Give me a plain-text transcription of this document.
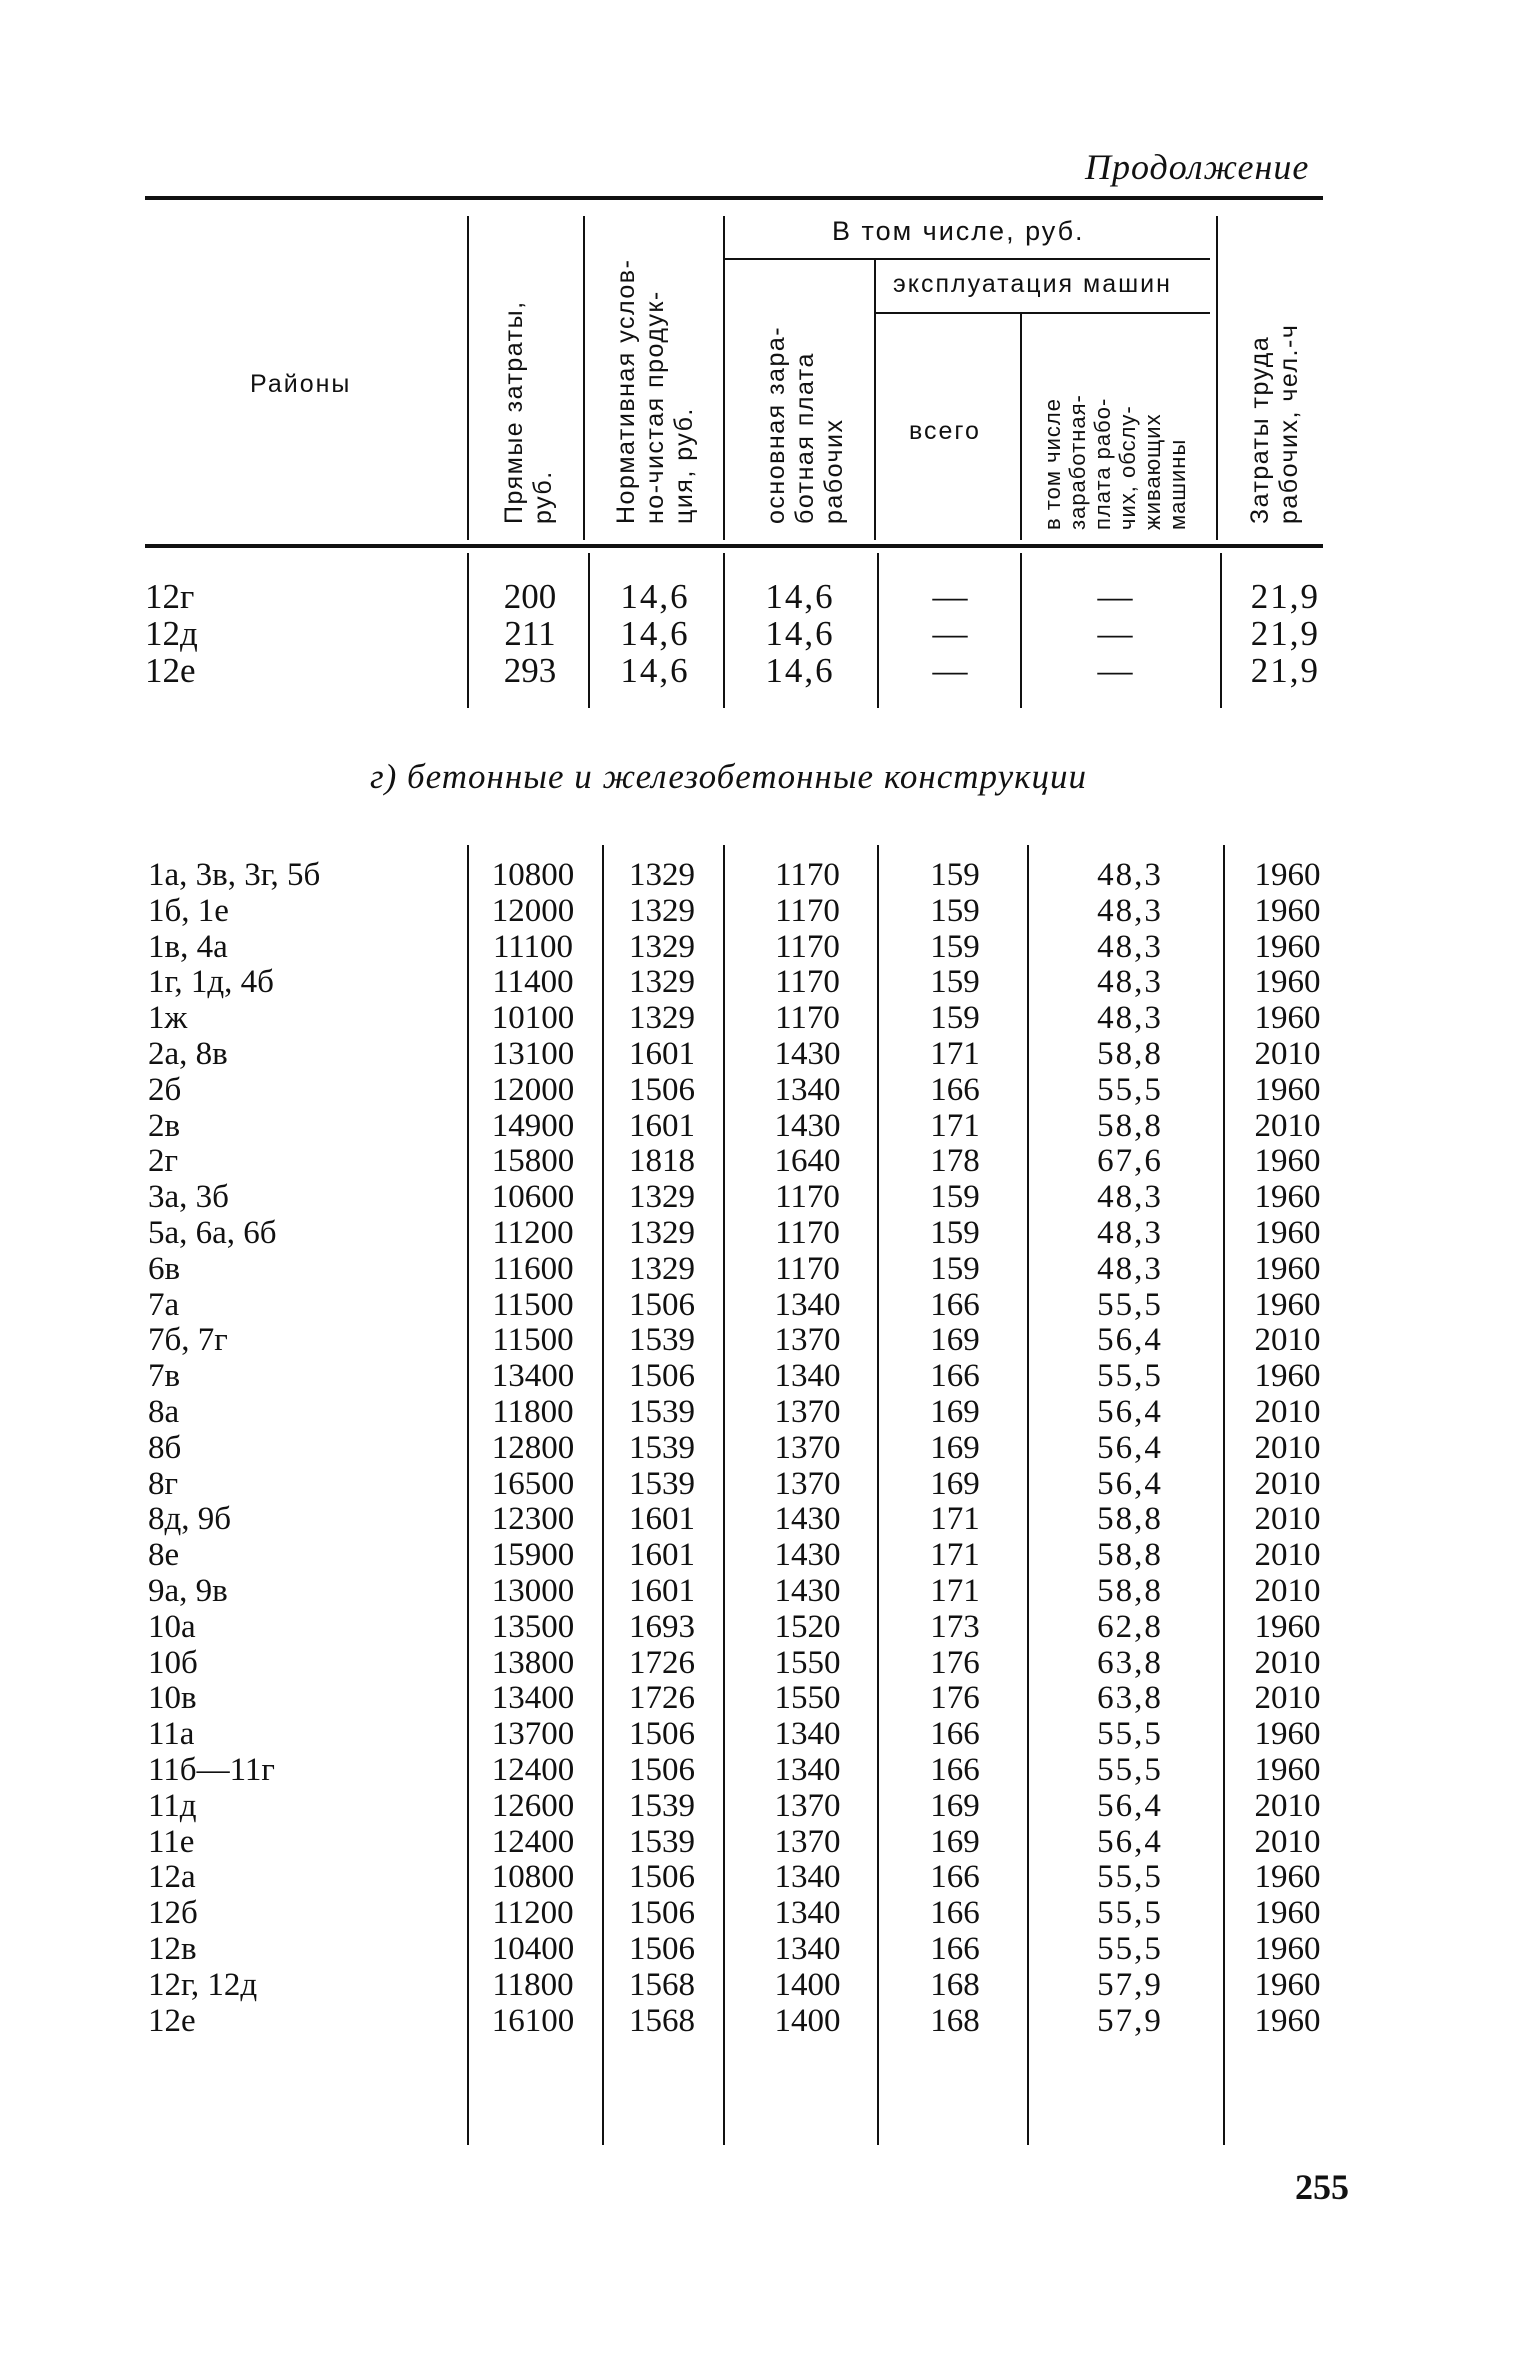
Продолжение
Районы	Прямые затраты, руб. Нормативная услов- но-чистая продук- ция, руб.
В том числе, руб.
эксплуатация машин
основная зара- ботная плата рабочих всего	в том числе заработная- плата рабо- чих, обслу- живающих машины Затраты труда рабочих, чел.-ч
12г
12д
12е
200
211
293
14,6
14,6
14,6
14,6
14,6
14,6
—
—
—
—
—
—
21,9
21,9
21,9
г) бетонные и железобетонные конструкции
1а, 3в, 3г, 5б
1б, 1е
1в, 4а
1г, 1д, 4б
1ж
2а, 8в
2б
2в
2г
3а, 3б
5а, 6а, 6б
6в
7а
7б, 7г
7в
8а
8б
8г
8д, 9б
8е
9а, 9в
10а
10б
10в
11а
11б—11г
11д
11е
12а
12б
12в
12г, 12д
12е
10800
12000
11100
11400
10100
13100
12000
14900
15800
10600
11200
11600
11500
11500
13400
11800
12800
16500
12300
15900
13000
13500
13800
13400
13700
12400
12600
12400
10800
11200
10400
11800
16100
1329
1329
1329
1329
1329
1601
1506
1601
1818
1329
1329
1329
1506
1539
1506
1539
1539
1539
1601
1601
1601
1693
1726
1726
1506
1506
1539
1539
1506
1506
1506
1568
1568
1170
1170
1170
1170
1170
1430
1340
1430
1640
1170
1170
1170
1340
1370
1340
1370
1370
1370
1430
1430
1430
1520
1550
1550
1340
1340
1370
1370
1340
1340
1340
1400
1400
159
159
159
159
159
171
166
171
178
159
159
159
166
169
166
169
169
169
171
171
171
173
176
176
166
166
169
169
166
166
166
168
168
48,3
48,3
48,3
48,3
48,3
58,8
55,5
58,8
67,6
48,3
48,3
48,3
55,5
56,4
55,5
56,4
56,4
56,4
58,8
58,8
58,8
62,8
63,8
63,8
55,5
55,5
56,4
56,4
55,5
55,5
55,5
57,9
57,9
1960
1960
1960
1960
1960
2010
1960
2010
1960
1960
1960
1960
1960
2010
1960
2010
2010
2010
2010
2010
2010
1960
2010
2010
1960
1960
2010
2010
1960
1960
1960
1960
1960
255
